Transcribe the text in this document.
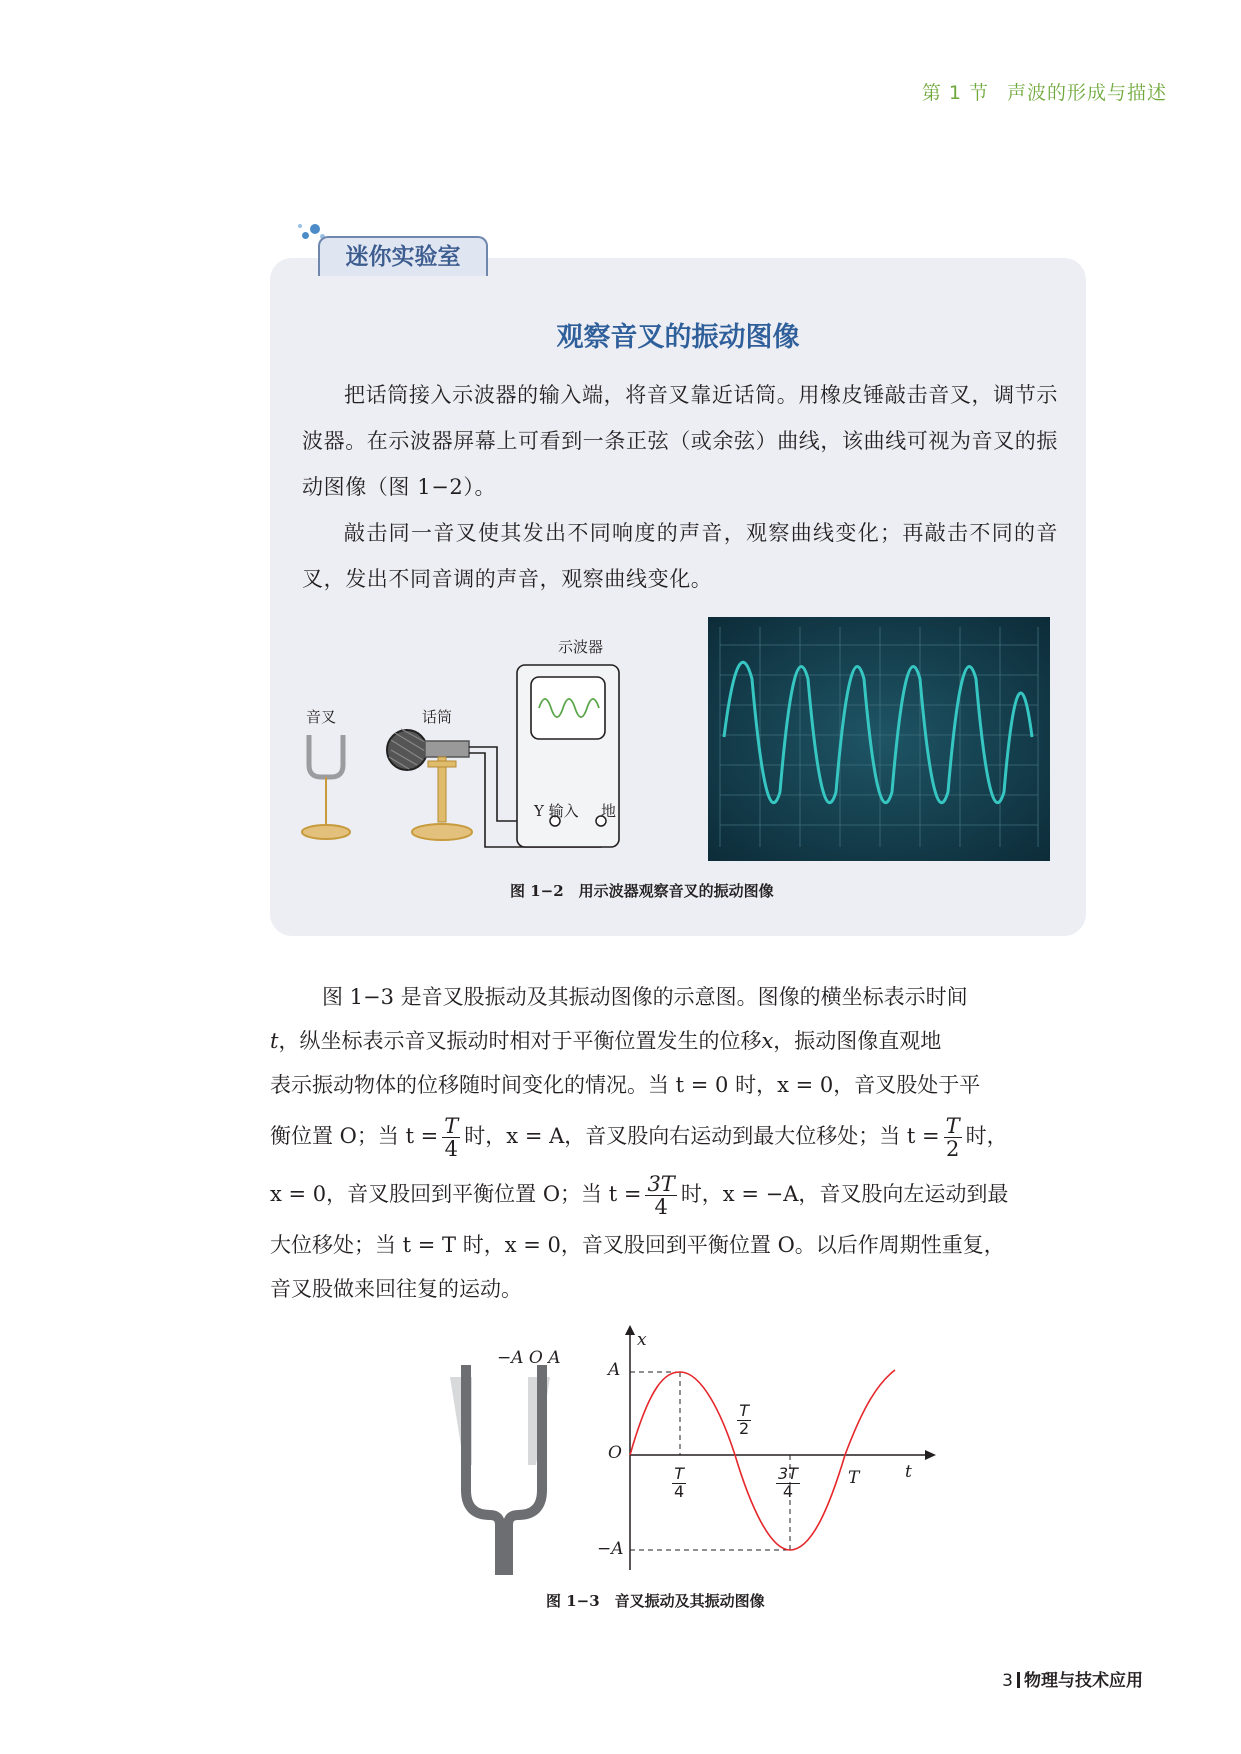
第 1 节 声波的形成与描述
迷你实验室
观察音叉的振动图像

把话筒接入示波器的输入端，将音叉靠近话筒。用橡皮锤敲击音叉，调节示波器。在示波器屏幕上可看到一条正弦（或余弦）曲线，该曲线可视为音叉的振动图像（图 1−2）。

敲击同一音叉使其发出不同响度的声音，观察曲线变化；再敲击不同的音叉，发出不同音调的声音，观察曲线变化。

音叉	话筒
示波器
Y 输入 地
图 1−2　用示波器观察音叉的振动图像

图 1−3 是音叉股振动及其振动图像的示意图。图像的横坐标表示时间

t，纵坐标表示音叉振动时相对于平衡位置发生的位移x，振动图像直观地

表示振动物体的位移随时间变化的情况。当 t = 0 时，x = 0，音叉股处于平

衡位置 O；当 $t = \frac{T}{4}$ 时，x = A，音叉股向右运动到最大位移处；当 $t = \frac{T}{2}$ 时，

x = 0，音叉股回到平衡位置 O；当 $t = \frac{3T}{4}$ 时，x = −A，音叉股向左运动到最

大位移处；当 t = T 时，x = 0，音叉股回到平衡位置 O。以后作周期性重复，

音叉股做来回往复的运动。

−A O A
x
t
A
O
−A
$\frac{T}{2}$
$\frac{T}{4}$	$\frac{3T}{4}$	T
图 1−3　音叉振动及其振动图像
3 物理与技术应用
